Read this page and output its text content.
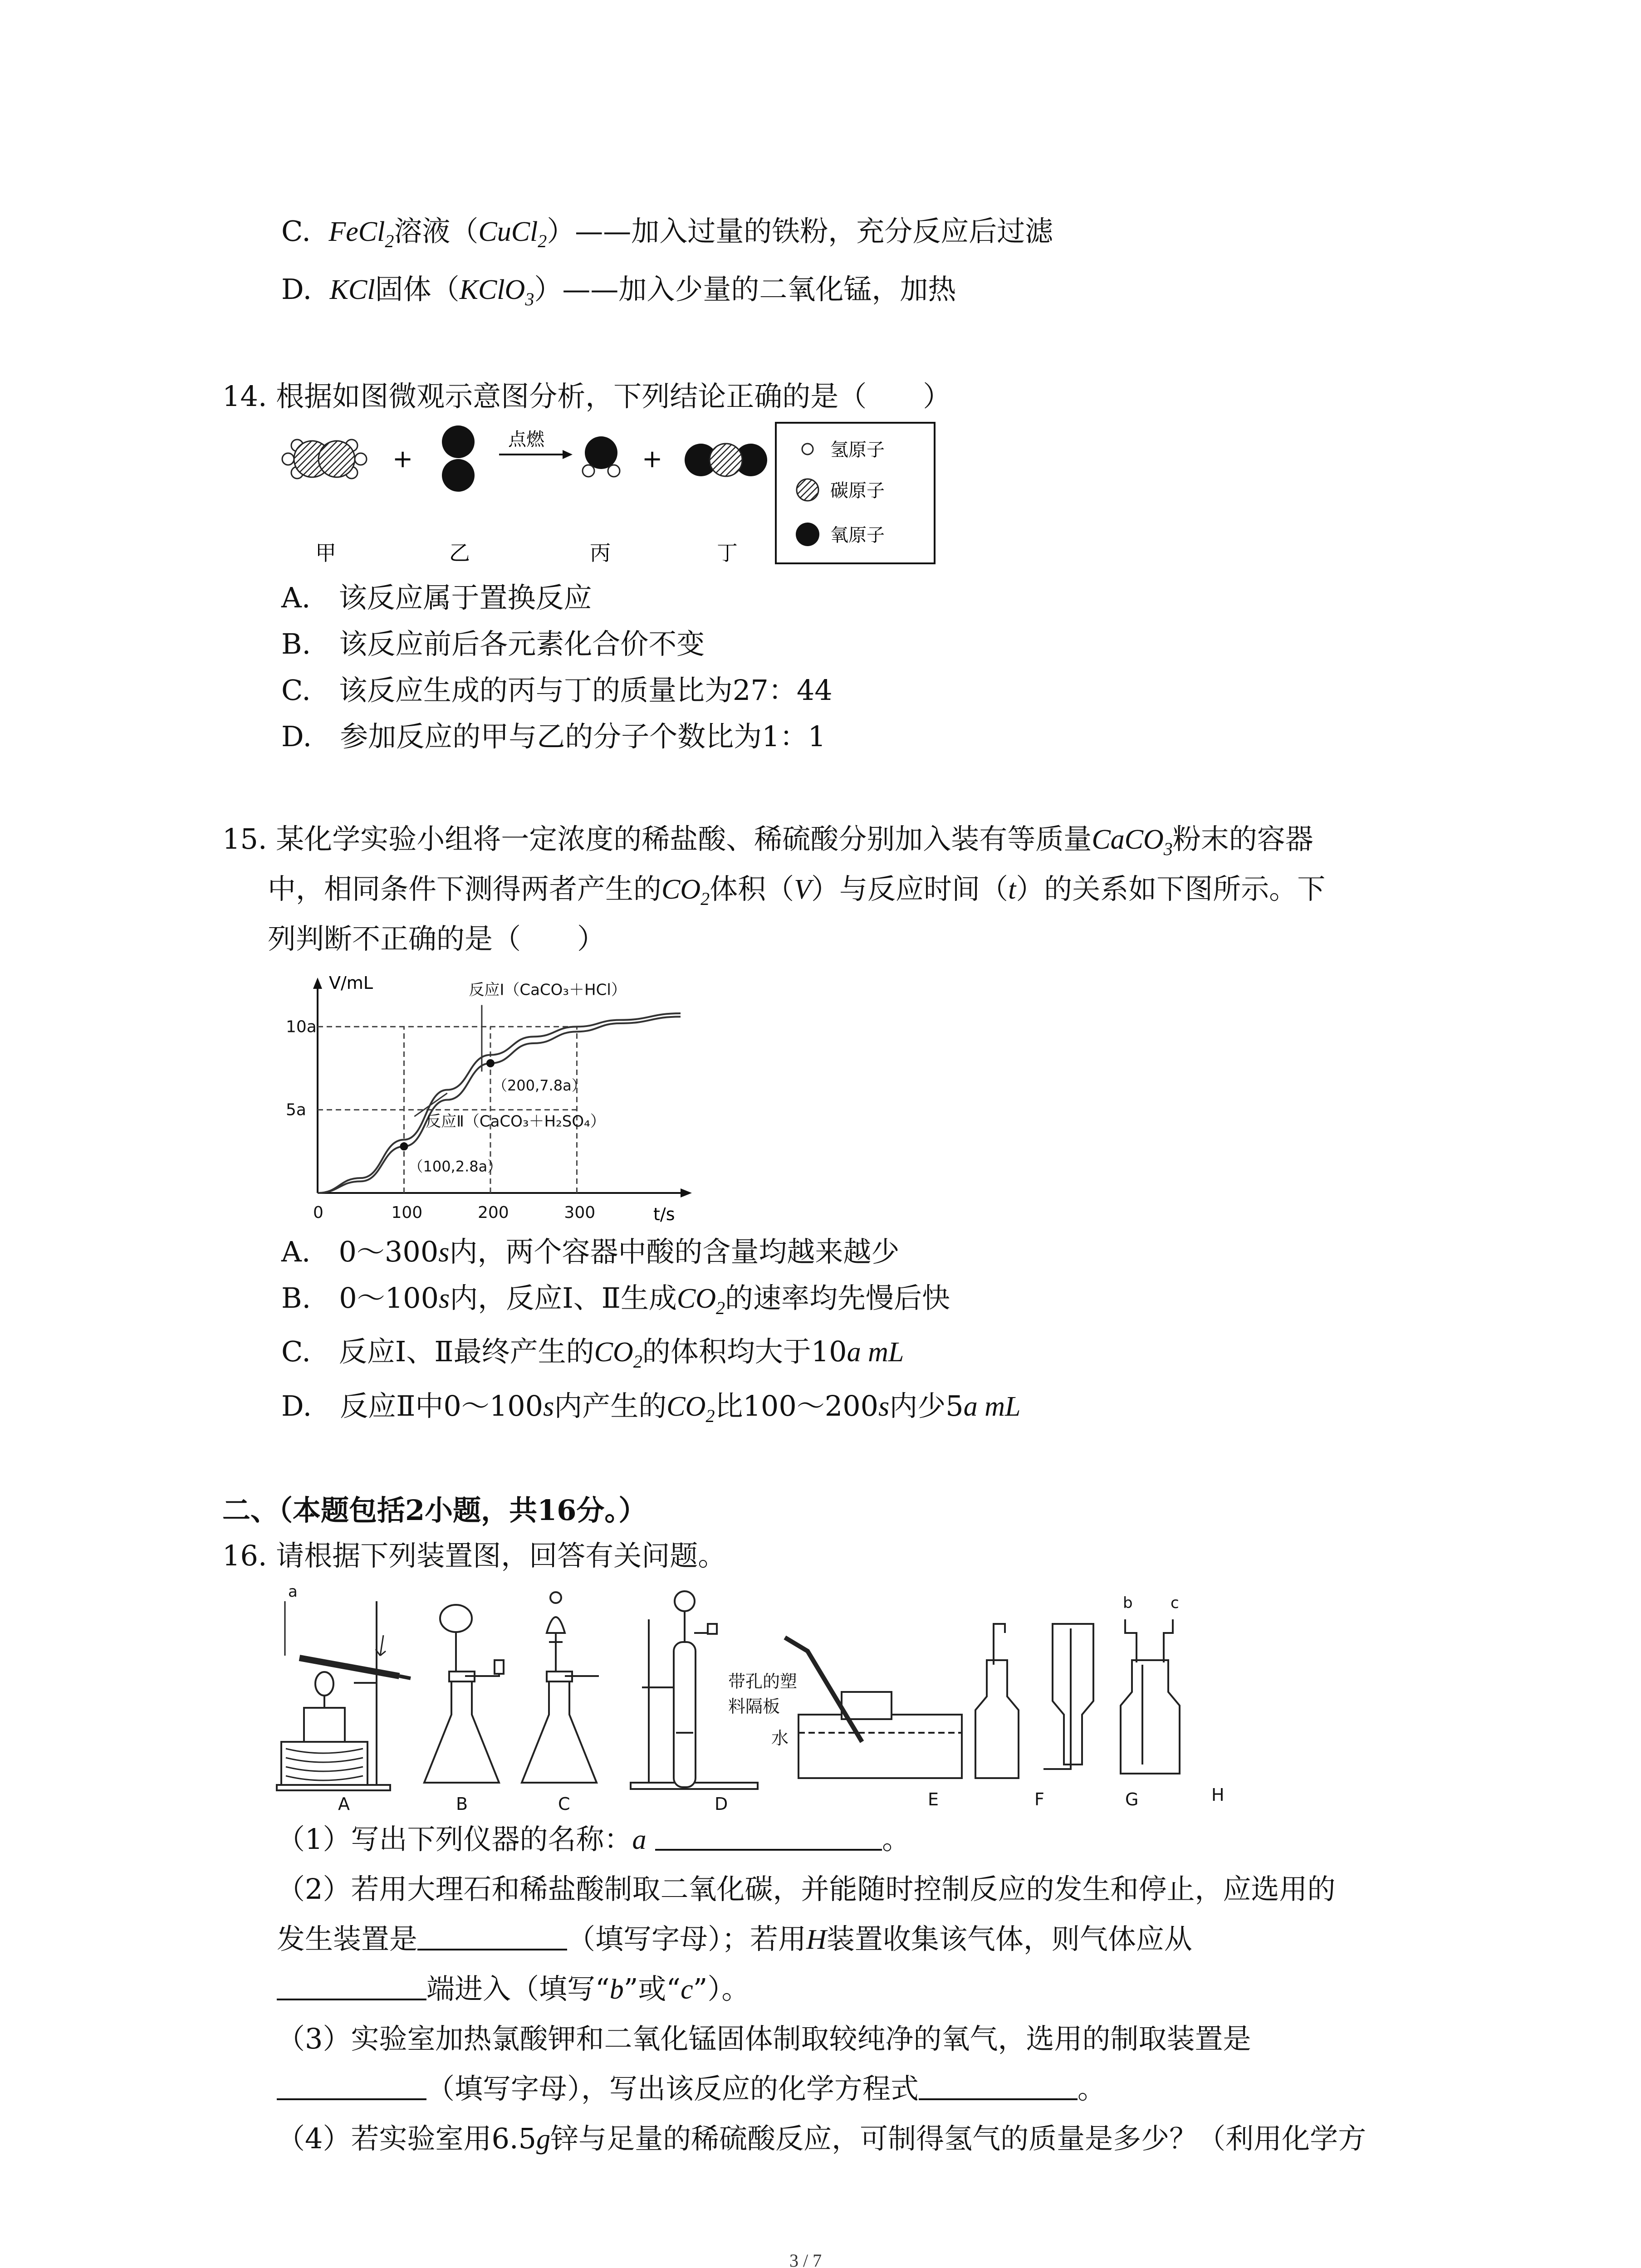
C. FeCl$_2$溶液（CuCl$_2$）——加入过量的铁粉，充分反应后过滤
D. KCl固体（KClO$_3$）——加入少量的二氧化锰，加热
14. 根据如图微观示意图分析，下列结论正确的是（　　）
甲
+
乙
点燃
丙
+
丁
氢原子
碳原子
氧原子
A.　该反应属于置换反应
B.　该反应前后各元素化合价不变
C.　该反应生成的丙与丁的质量比为27：44
D.　参加反应的甲与乙的分子个数比为1：1
15. 某化学实验小组将一定浓度的稀盐酸、稀硫酸分别加入装有等质量CaCO$_3$粉末的容器
中，相同条件下测得两者产生的$CO_2$体积（V）与反应时间（t）的关系如下图所示。下
列判断不正确的是（　　）
V/mL
t/s
5a
10a
0	100	200	300
（100,2.8a）
（200,7.8a）
反应Ⅰ（CaCO₃＋HCl）
反应Ⅱ（CaCO₃＋H₂SO₄）
A.　0～300s内，两个容器中酸的含量均越来越少
B.　0～100s内，反应Ⅰ、Ⅱ生成$CO_2$的速率均先慢后快
C.　反应Ⅰ、Ⅱ最终产生的$CO_2$的体积均大于10a mL
D.　反应Ⅱ中0～100s内产生的$CO_2$比100～200s内少5a mL
二、（本题包括2小题，共16分。）
16. 请根据下列装置图，回答有关问题。
a
带孔的塑
料隔板
水
b c
A	B	C	D	E	F	G	H
（1）写出下列仪器的名称：a	。
（2）若用大理石和稀盐酸制取二氧化碳，并能随时控制反应的发生和停止，应选用的
发生装置是	（填写字母）；若用H装置收集该气体，则气体应从
端进入（填写“b”或“c”）。
（3）实验室加热氯酸钾和二氧化锰固体制取较纯净的氧气，选用的制取装置是
（填写字母），写出该反应的化学方程式	。
（4）若实验室用6.5g锌与足量的稀硫酸反应，可制得氢气的质量是多少？（利用化学方
3 / 7
